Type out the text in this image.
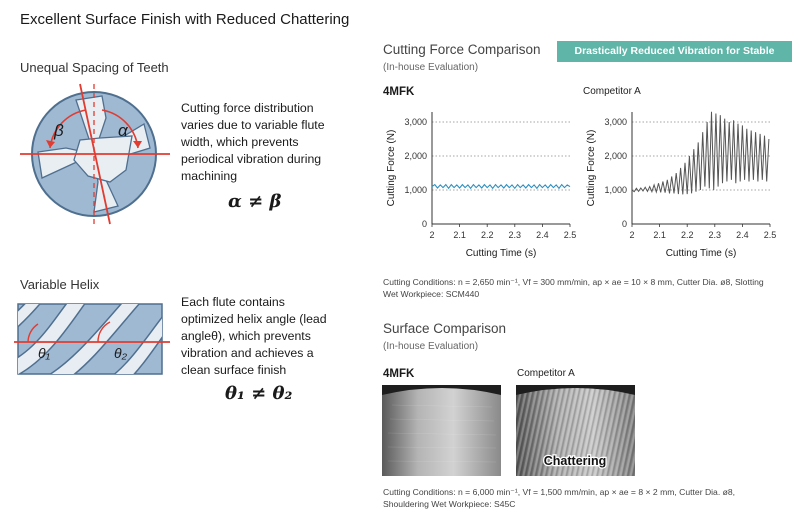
Excellent Surface Finish with Reduced Chattering
Unequal Spacing of Teeth
β	α
Cutting force distribution
varies due to variable flute
width, which prevents
periodical vibration during
machining
α ≠ β
Variable Helix
θ₁	θ₂
Each flute contains
optimized helix angle (lead
angleθ), which prevents
vibration and achieves a
clean surface finish
θ₁ ≠ θ₂
Cutting Force Comparison
(In-house Evaluation)
Drastically Reduced Vibration for Stable Machining
4MFK	Competitor A
0
1,000
2,000
3,000
2 2.1 2.2 2.3 2.4 2.5
Cutting Time (s)
Cutting Force (N)
0
1,000
2,000
3,000
2 2.1 2.2 2.3 2.4 2.5
Cutting Time (s)
Cutting Force (N)
Cutting Conditions: n = 2,650 min⁻¹, Vf = 300 mm/min, ap × ae = 10 × 8 mm, Cutter Dia. ø8, Slotting
Wet Workpiece: SCM440
Surface Comparison
(In-house Evaluation)
4MFK	Competitor A
Chattering
Cutting Conditions: n = 6,000 min⁻¹, Vf = 1,500 mm/min, ap × ae = 8 × 2 mm, Cutter Dia. ø8,
Shouldering Wet Workpiece: S45C
